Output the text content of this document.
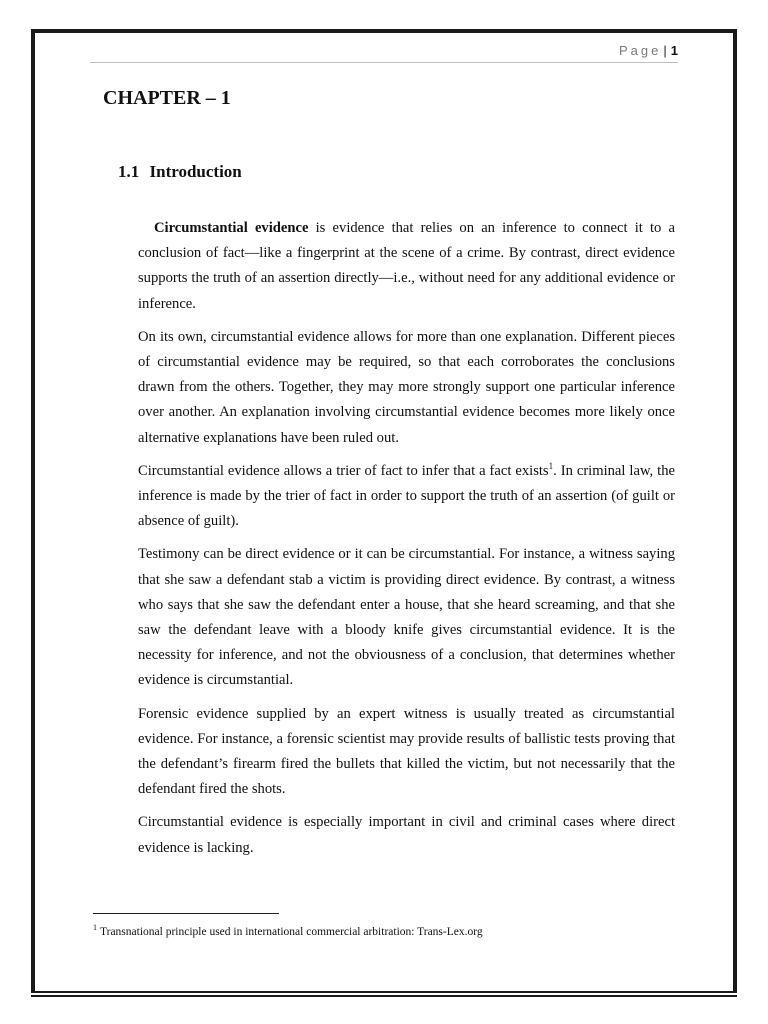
Page | 1
CHAPTER – 1
1.1 Introduction

Circumstantial evidence is evidence that relies on an inference to connect it to a conclusion of fact—like a fingerprint at the scene of a crime. By contrast, direct evidence supports the truth of an assertion directly—i.e., without need for any additional evidence or inference.

On its own, circumstantial evidence allows for more than one explanation. Different pieces of circumstantial evidence may be required, so that each corroborates the conclusions drawn from the others. Together, they may more strongly support one particular inference over another. An explanation involving circumstantial evidence becomes more likely once alternative explanations have been ruled out.

Circumstantial evidence allows a trier of fact to infer that a fact exists$^1$. In criminal law, the inference is made by the trier of fact in order to support the truth of an assertion (of guilt or absence of guilt).

Testimony can be direct evidence or it can be circumstantial. For instance, a witness saying that she saw a defendant stab a victim is providing direct evidence. By contrast, a witness who says that she saw the defendant enter a house, that she heard screaming, and that she saw the defendant leave with a bloody knife gives circumstantial evidence. It is the necessity for inference, and not the obviousness of a conclusion, that determines whether evidence is circumstantial.

Forensic evidence supplied by an expert witness is usually treated as circumstantial evidence. For instance, a forensic scientist may provide results of ballistic tests proving that the defendant’s firearm fired the bullets that killed the victim, but not necessarily that the defendant fired the shots.

Circumstantial evidence is especially important in civil and criminal cases where direct evidence is lacking.

$^1$ Transnational principle used in international commercial arbitration: Trans-Lex.org
